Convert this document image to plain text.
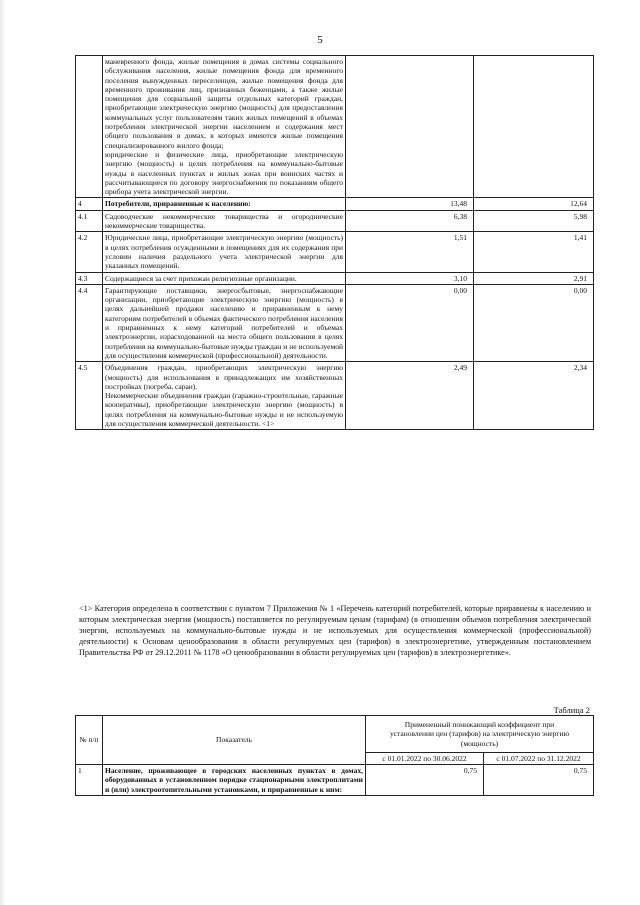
5

	маневренного фонда, жилые помещения в домах системы социального обслуживания населения, жилые помещения фонда для временного поселения вынужденных переселенцев, жилые помещения фонда для временного проживания лиц, признанных беженцами, а также жилые помещения для социальной защиты отдельных категорий граждан, приобретающие электрическую энергию (мощность) для предоставления коммунальных услуг пользователям таких жилых помещений в объемах потребления электрической энергии населением и содержания мест общего пользования в домах, в которых имеются жилые помещения специализированного жилого фонда;
юридические и физические лица, приобретающие электрическую энергию (мощность) в целях потребления на коммунально-бытовые нужды в населенных пунктах и жилых зонах при воинских частях и рассчитывающиеся по договору энергоснабжения по показаниям общего прибора учета электрической энергии.		

4	Потребители, приравненные к населению:	13,48	12,64
4.1	Садоводческие некоммерческие товарищества и огороднические некоммерческие товарищества.	6,38	5,98
4.2	Юридические лица, приобретающие электрическую энергию (мощность) в целях потребления осужденными в помещениях для их содержания при условии наличия раздельного учета электрической энергии для указанных помещений.	1,51	1,41
4.3	Содержащиеся за счет прихожан религиозные организации.	3,10	2,91
4.4	Гарантирующие поставщики, энергосбытовые, энергоснабжающие организации, приобретающие электрическую энергию (мощность) в целях дальнейшей продажи населению и приравненным к нему категориям потребителей в объемах фактического потребления населения и приравненных к нему категорий потребителей и объемах электроэнергии, израсходованной на места общего пользования в целях потребления на коммунально-бытовые нужды граждан и не используемой для осуществления коммерческой (профессиональной) деятельности.	0,00	0,00
4.5	Объединения граждан, приобретающих электрическую энергию (мощность) для использования в принадлежащих им хозяйственных постройках (погреба, сараи).
Некоммерческие объединения граждан (гаражно-строительные, гаражные кооперативы), приобретающие электрическую энергию (мощность) в целях потребления на коммунально-бытовые нужды и не используемую для осуществления коммерческой деятельности. <1>	2,49	2,34
<1> Категория определена в соответствии с пунктом 7 Приложения № 1 «Перечень категорий потребителей, которые приравнены к населению и которым электрическая энергия (мощность) поставляется по регулируемым ценам (тарифам) (в отношении объемов потребления электрической энергии, используемых на коммунально-бытовые нужды и не используемых для осуществления коммерческой (профессиональной) деятельности) к Основам ценообразования в области регулируемых цен (тарифов) в электроэнергетике, утвержденным постановлением Правительства РФ от 29.12.2011 № 1178 «О ценообразовании в области регулируемых цен (тарифов) в электроэнергетике».
Таблица 2
№ п/п	Показатель	Примененный понижающий коэффициент при установлении цен (тарифов) на электрическую энергию (мощность)	
		с 01.01.2022 по 30.06.2022	с 01.07.2022 по 31.12.2022
1	Население, проживающее в городских населенных пунктах в домах, оборудованных в установленном порядке стационарными электроплитами и (или) электроотопительными установками, и приравненные к ним:	0,75	0,75
